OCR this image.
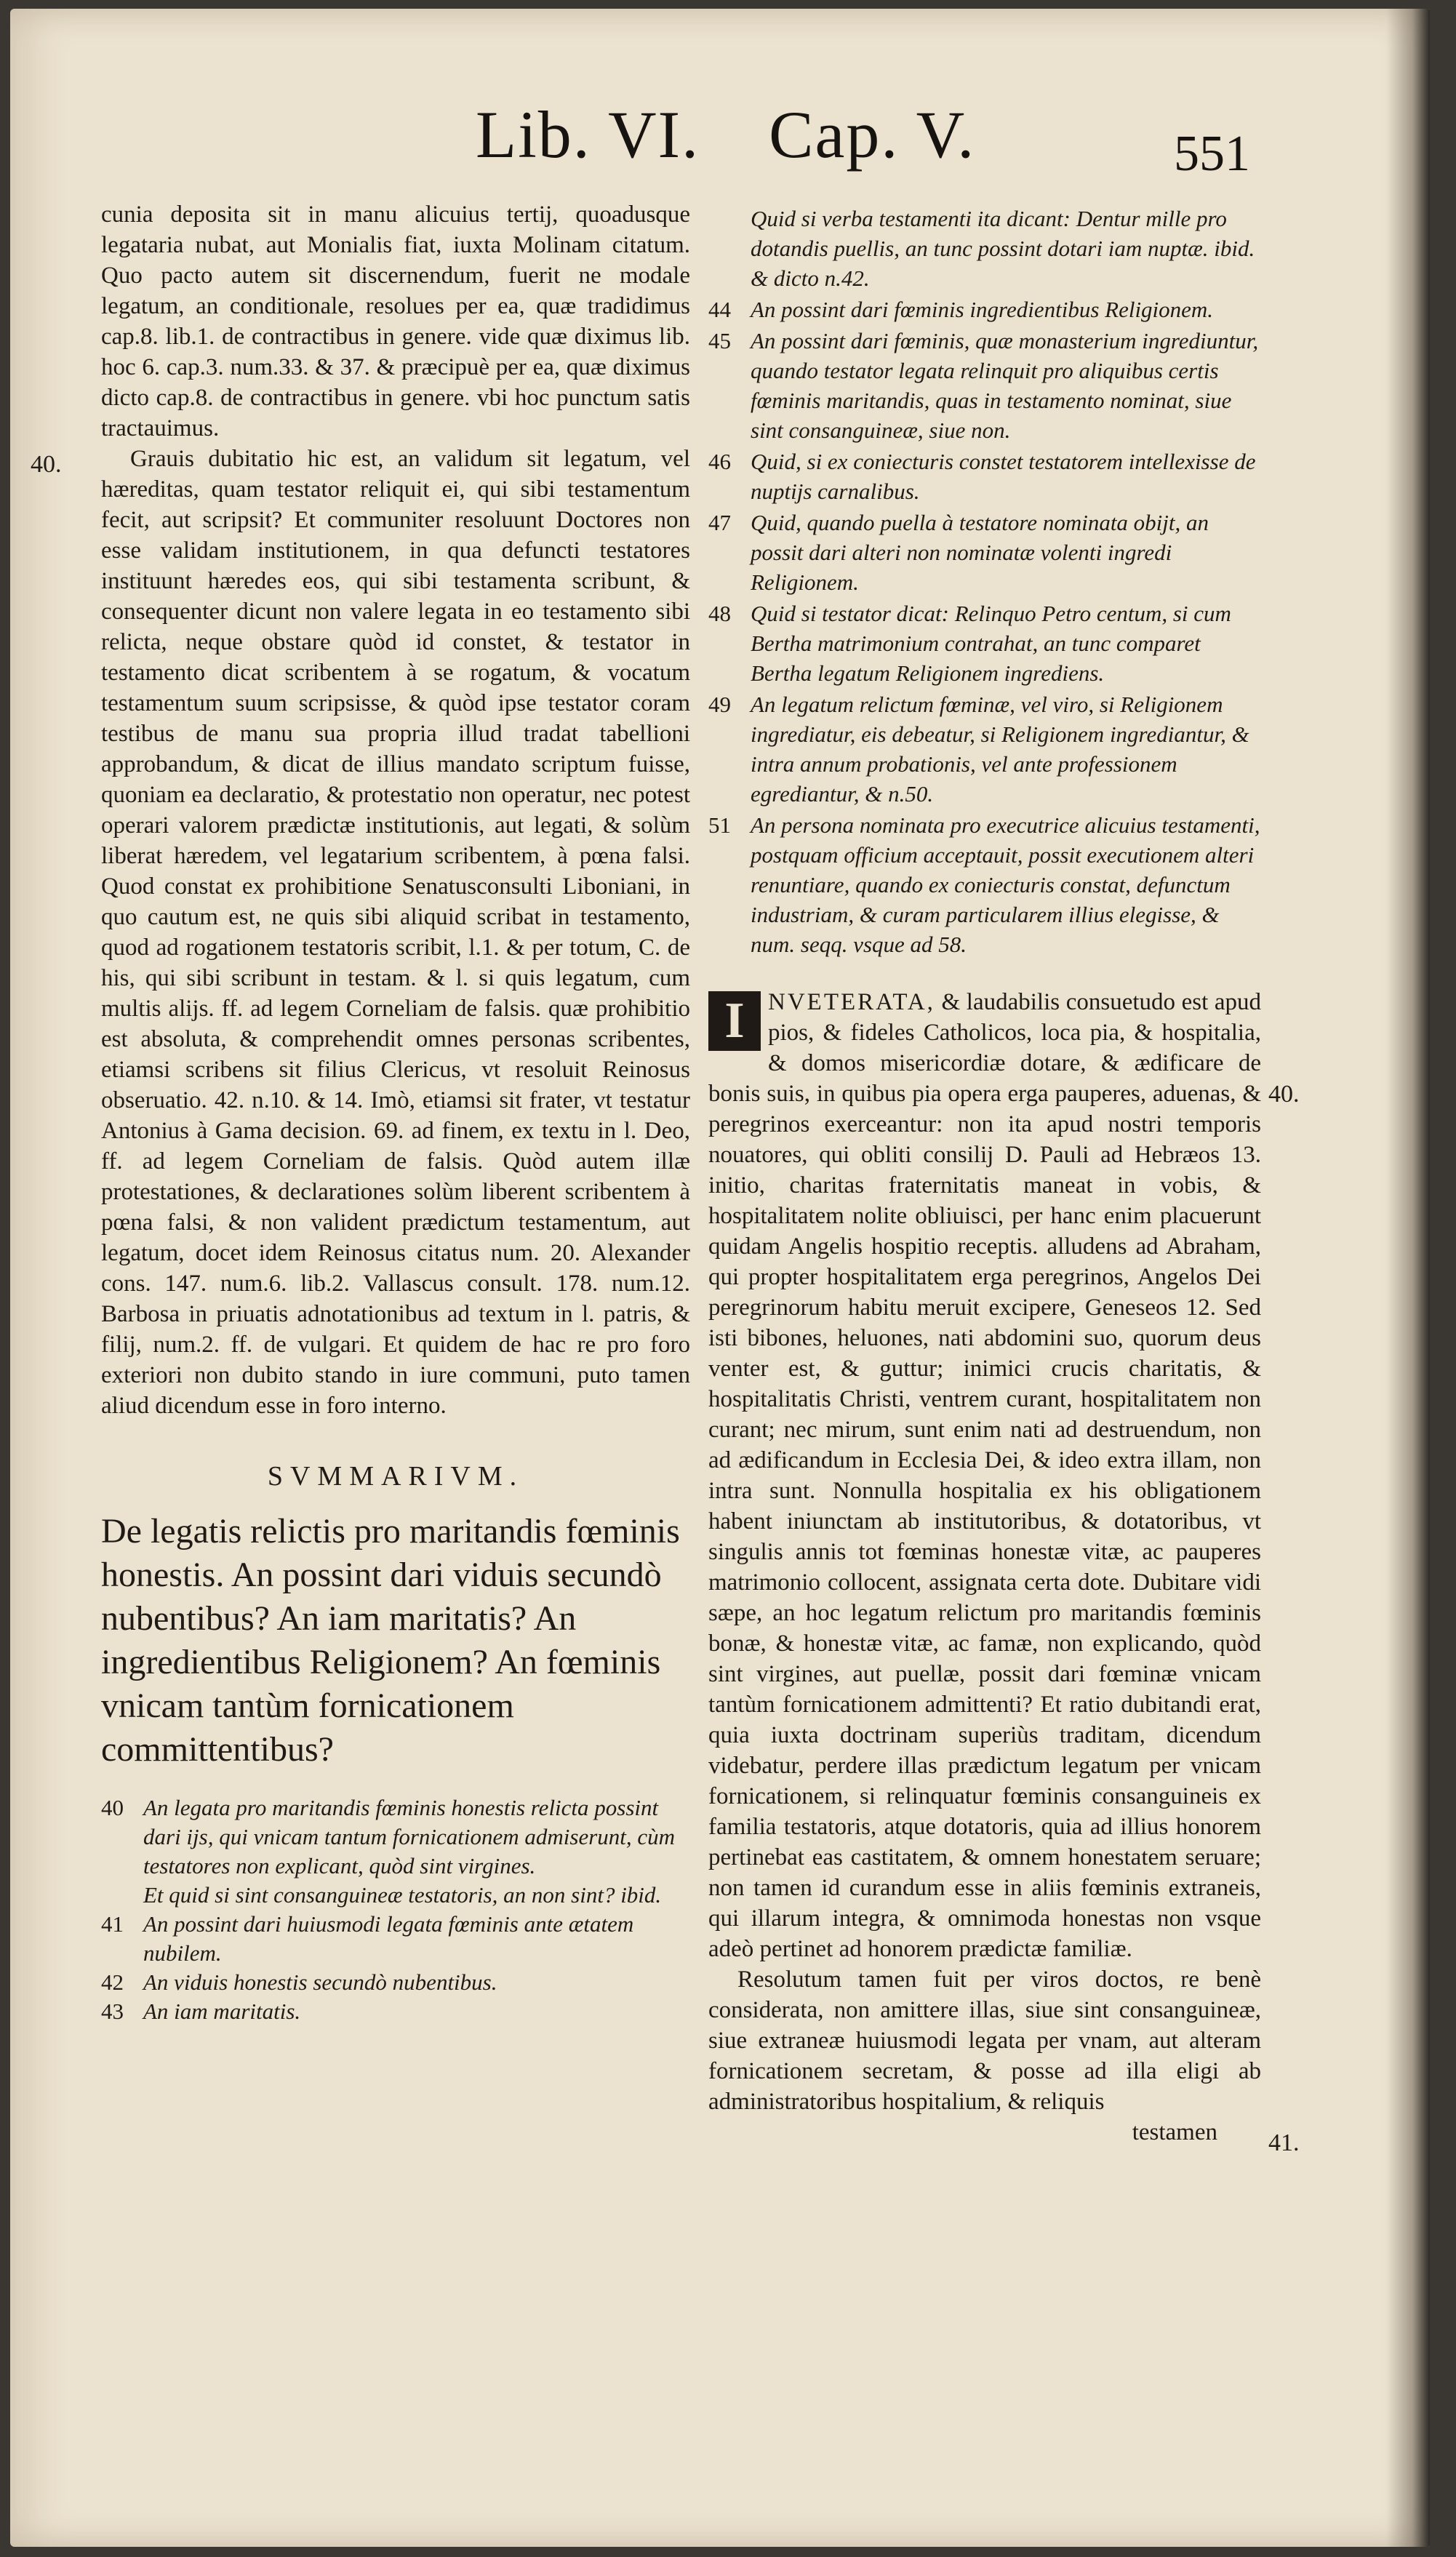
Lib. VI. Cap. V.	551
40.
40.
41.

cunia deposita sit in manu alicuius tertij, quoadusque legataria nubat, aut Monialis fiat, iuxta Molinam citatum. Quo pacto autem sit discernendum, fuerit ne modale legatum, an conditionale, resolues per ea, quæ tradidimus cap.8. lib.1. de contractibus in genere. vide quæ diximus lib. hoc 6. cap.3. num.33. & 37. & præcipuè per ea, quæ diximus dicto cap.8. de contractibus in genere. vbi hoc punctum satis tractauimus.

Grauis dubitatio hic est, an validum sit legatum, vel hæreditas, quam testator reliquit ei, qui sibi testamentum fecit, aut scripsit? Et communiter resoluunt Doctores non esse validam institutionem, in qua defuncti testatores instituunt hæredes eos, qui sibi testamenta scribunt, & consequenter dicunt non valere legata in eo testamento sibi relicta, neque obstare quòd id constet, & testator in testamento dicat scribentem à se rogatum, & vocatum testamentum suum scripsisse, & quòd ipse testator coram testibus de manu sua propria illud tradat tabellioni approbandum, & dicat de illius mandato scriptum fuisse, quoniam ea declaratio, & protestatio non operatur, nec potest operari valorem prædictæ institutionis, aut legati, & solùm liberat hæredem, vel legatarium scribentem, à pœna falsi. Quod constat ex prohibitione Senatusconsulti Liboniani, in quo cautum est, ne quis sibi aliquid scribat in testamento, quod ad rogationem testatoris scribit, l.1. & per totum, C. de his, qui sibi scribunt in testam. & l. si quis legatum, cum multis alijs. ff. ad legem Corneliam de falsis. quæ prohibitio est absoluta, & comprehendit omnes personas scribentes, etiamsi scribens sit filius Clericus, vt resoluit Reinosus obseruatio. 42. n.10. & 14. Imò, etiamsi sit frater, vt testatur Antonius à Gama decision. 69. ad finem, ex textu in l. Deo, ff. ad legem Corneliam de falsis. Quòd autem illæ protestationes, & declarationes solùm liberent scribentem à pœna falsi, & non valident prædictum testamentum, aut legatum, docet idem Reinosus citatus num. 20. Alexander cons. 147. num.6. lib.2. Vallascus consult. 178. num.12. Barbosa in priuatis adnotationibus ad textum in l. patris, & filij, num.2. ff. de vulgari. Et quidem de hac re pro foro exteriori non dubito stando in iure communi, puto tamen aliud dicendum esse in foro interno.

SVMMARIVM.
De legatis relictis pro maritandis fœminis honestis. An possint dari viduis secundò nubentibus? An iam maritatis? An ingredientibus Religionem? An fœminis vnicam tantùm fornicationem committentibus?
40 An legata pro maritandis fœminis honestis relicta possint dari ijs, qui vnicam tantum fornicationem admiserunt, cùm testatores non explicant, quòd sint virgines.
Et quid si sint consanguineæ testatoris, an non sint? ibid.
41 An possint dari huiusmodi legata fœminis ante ætatem nubilem.
42 An viduis honestis secundò nubentibus.
43 An iam maritatis.
Quid si verba testamenti ita dicant: Dentur mille pro dotandis puellis, an tunc possint dotari iam nuptæ. ibid. & dicto n.42.
44 An possint dari fœminis ingredientibus Religionem.
45 An possint dari fœminis, quæ monasterium ingrediuntur, quando testator legata relinquit pro aliquibus certis fœminis maritandis, quas in testamento nominat, siue sint consanguineæ, siue non.
46 Quid, si ex coniecturis constet testatorem intellexisse de nuptijs carnalibus.
47 Quid, quando puella à testatore nominata obijt, an possit dari alteri non nominatæ volenti ingredi Religionem.
48 Quid si testator dicat: Relinquo Petro centum, si cum Bertha matrimonium contrahat, an tunc comparet Bertha legatum Religionem ingrediens.
49 An legatum relictum fœminæ, vel viro, si Religionem ingrediatur, eis debeatur, si Religionem ingrediantur, & intra annum probationis, vel ante professionem egrediantur, & n.50.
51 An persona nominata pro executrice alicuius testamenti, postquam officium acceptauit, possit executionem alteri renuntiare, quando ex coniecturis constat, defunctum industriam, & curam particularem illius elegisse, & num. seqq. vsque ad 58.

I NVETERATA, & laudabilis consuetudo est apud pios, & fideles Catholicos, loca pia, & hospitalia, & domos misericordiæ dotare, & ædificare de bonis suis, in quibus pia opera erga pauperes, aduenas, & peregrinos exerceantur: non ita apud nostri temporis nouatores, qui obliti consilij D. Pauli ad Hebræos 13. initio, charitas fraternitatis maneat in vobis, & hospitalitatem nolite obliuisci, per hanc enim placuerunt quidam Angelis hospitio receptis. alludens ad Abraham, qui propter hospitalitatem erga peregrinos, Angelos Dei peregrinorum habitu meruit excipere, Geneseos 12. Sed isti bibones, heluones, nati abdomini suo, quorum deus venter est, & guttur; inimici crucis charitatis, & hospitalitatis Christi, ventrem curant, hospitalitatem non curant; nec mirum, sunt enim nati ad destruendum, non ad ædificandum in Ecclesia Dei, & ideo extra illam, non intra sunt. Nonnulla hospitalia ex his obligationem habent iniunctam ab institutoribus, & dotatoribus, vt singulis annis tot fœminas honestæ vitæ, ac pauperes matrimonio collocent, assignata certa dote. Dubitare vidi sæpe, an hoc legatum relictum pro maritandis fœminis bonæ, & honestæ vitæ, ac famæ, non explicando, quòd sint virgines, aut puellæ, possit dari fœminæ vnicam tantùm fornicationem admittenti? Et ratio dubitandi erat, quia iuxta doctrinam superiùs traditam, dicendum videbatur, perdere illas prædictum legatum per vnicam fornicationem, si relinquatur fœminis consanguineis ex familia testatoris, atque dotatoris, quia ad illius honorem pertinebat eas castitatem, & omnem honestatem seruare; non tamen id curandum esse in aliis fœminis extraneis, qui illarum integra, & omnimoda honestas non vsque adeò pertinet ad honorem prædictæ familiæ.

Resolutum tamen fuit per viros doctos, re benè considerata, non amittere illas, siue sint consanguineæ, siue extraneæ huiusmodi legata per vnam, aut alteram fornicationem secretam, & posse ad illa eligi ab administratoribus hospitalium, & reliquis

testamen
